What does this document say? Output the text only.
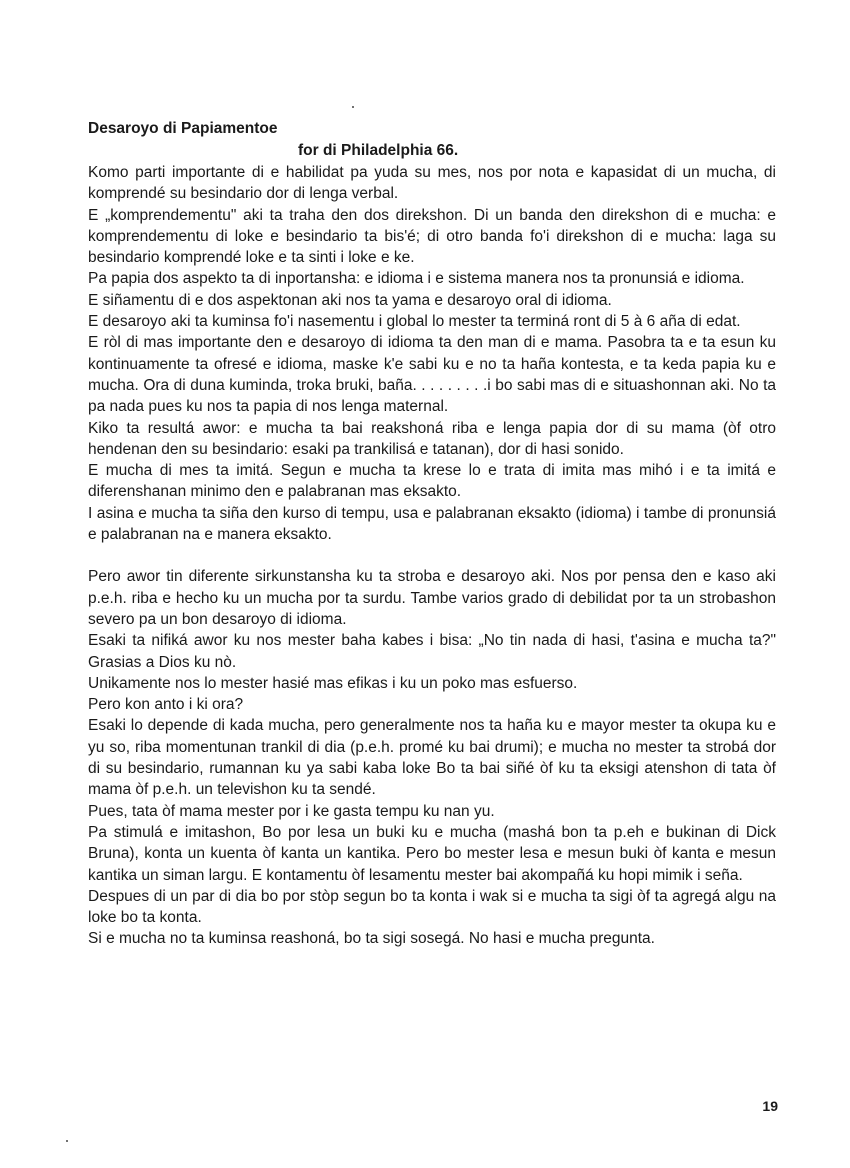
Desaroyo di Papiamentoe

for di Philadelphia 66.

Komo parti importante di e habilidat pa yuda su mes, nos por nota e kapasidat di un mucha, di komprendé su besindario dor di lenga verbal.

E „komprendementu" aki ta traha den dos direkshon. Di un banda den direkshon di e mucha: e komprendementu di loke e besindario ta bis'é; di otro banda fo'i direkshon di e mucha: laga su besindario komprendé loke e ta sinti i loke e ke.

Pa papia dos aspekto ta di inportansha: e idioma i e sistema manera nos ta pronunsiá e idioma.

E siñamentu di e dos aspektonan aki nos ta yama e desaroyo oral di idioma.

E desaroyo aki ta kuminsa fo'i nasementu i global lo mester ta terminá ront di 5 à 6 aña di edat.

E ròl di mas importante den e desaroyo di idioma ta den man di e mama. Pasobra ta e ta esun ku kontinuamente ta ofresé e idioma, maske k'e sabi ku e no ta haña kontesta, e ta keda papia ku e mucha. Ora di duna kuminda, troka bruki, baña. . . . . . . . .i bo sabi mas di e situashonnan aki. No ta pa nada pues ku nos ta papia di nos lenga maternal.

Kiko ta resultá awor: e mucha ta bai reakshoná riba e lenga papia dor di su mama (òf otro hendenan den su besindario: esaki pa trankilisá e tatanan), dor di hasi sonido.

E mucha di mes ta imitá. Segun e mucha ta krese lo e trata di imita mas mihó i e ta imitá e diferenshanan minimo den e palabranan mas eksakto.

I asina e mucha ta siña den kurso di tempu, usa e palabranan eksakto (idioma) i tambe di pronunsiá e palabranan na e manera eksakto.

Pero awor tin diferente sirkunstansha ku ta stroba e desaroyo aki. Nos por pensa den e kaso aki p.e.h. riba e hecho ku un mucha por ta surdu. Tambe varios grado di debilidat por ta un strobashon severo pa un bon desaroyo di idioma.

Esaki ta nifiká awor ku nos mester baha kabes i bisa: „No tin nada di hasi, t'asina e mucha ta?" Grasias a Dios ku nò.

Unikamente nos lo mester hasié mas efikas i ku un poko mas esfuerso.

Pero kon anto i ki ora?

Esaki lo depende di kada mucha, pero generalmente nos ta haña ku e mayor mester ta okupa ku e yu so, riba momentunan trankil di dia (p.e.h. promé ku bai drumi); e mucha no mester ta strobá dor di su besindario, rumannan ku ya sabi kaba loke Bo ta bai siñé òf ku ta eksigi atenshon di tata òf mama òf p.e.h. un televishon ku ta sendé.

Pues, tata òf mama mester por i ke gasta tempu ku nan yu.

Pa stimulá e imitashon, Bo por lesa un buki ku e mucha (mashá bon ta p.eh e bukinan di Dick Bruna), konta un kuenta òf kanta un kantika. Pero bo mester lesa e mesun buki òf kanta e mesun kantika un siman largu. E kontamentu òf lesamentu mester bai akompañá ku hopi mimik i seña.

Despues di un par di dia bo por stòp segun bo ta konta i wak si e mucha ta sigi òf ta agregá algu na loke bo ta konta.

Si e mucha no ta kuminsa reashoná, bo ta sigi sosegá. No hasi e mucha pregunta.

19
